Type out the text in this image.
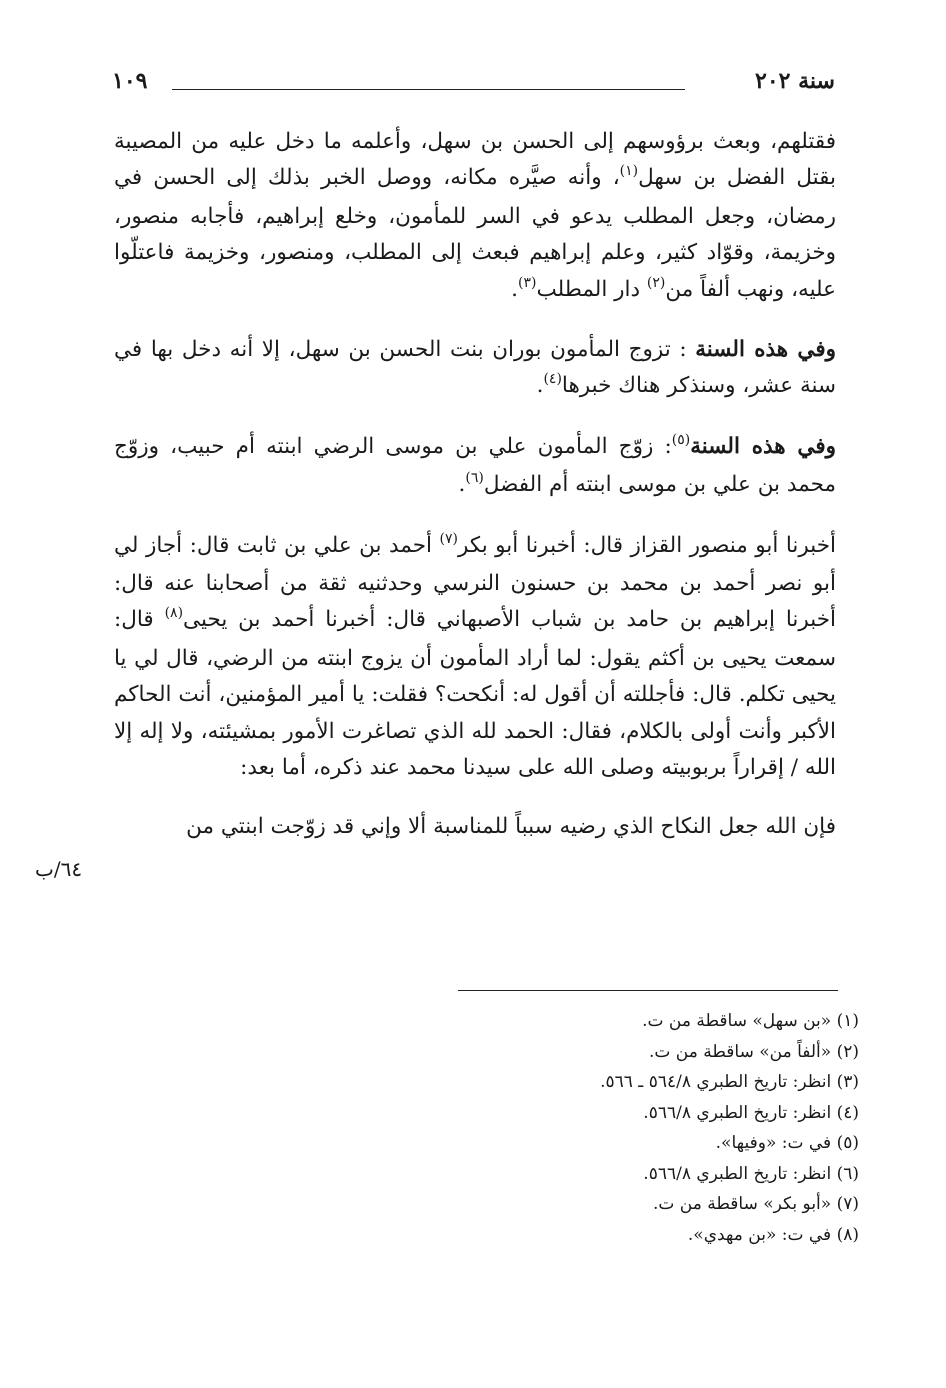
سنة ٢٠٢
١٠٩

فقتلهم، وبعث برؤوسهم إلى الحسن بن سهل، وأعلمه ما دخل عليه من المصيبة بقتل الفضل بن سهل$^{(١)}$، وأنه صيَّره مكانه، ووصل الخبر بذلك إلى الحسن في رمضان، وجعل المطلب يدعو في السر للمأمون، وخلع إبراهيم، فأجابه منصور، وخزيمة، وقوّاد كثير، وعلم إبراهيم فبعث إلى المطلب، ومنصور، وخزيمة فاعتلّوا عليه، ونهب ألفاً من$^{(٢)}$ دار المطلب$^{(٣)}$.

وفي هذه السنة : تزوج المأمون بوران بنت الحسن بن سهل، إلا أنه دخل بها في سنة عشر، وسنذكر هناك خبرها$^{(٤)}$.

وفي هذه السنة$^{(٥)}$: زوّج المأمون علي بن موسى الرضي ابنته أم حبيب، وزوّج محمد بن علي بن موسى ابنته أم الفضل$^{(٦)}$.

أخبرنا أبو منصور القزاز قال: أخبرنا أبو بكر$^{(٧)}$ أحمد بن علي بن ثابت قال: أجاز لي أبو نصر أحمد بن محمد بن حسنون النرسي وحدثنيه ثقة من أصحابنا عنه قال: أخبرنا إبراهيم بن حامد بن شباب الأصبهاني قال: أخبرنا أحمد بن يحيى$^{(٨)}$ قال: سمعت يحيى بن أكثم يقول: لما أراد المأمون أن يزوج ابنته من الرضي، قال لي يا يحيى تكلم. قال: فأجللته أن أقول له: أنكحت؟ فقلت: يا أمير المؤمنين، أنت الحاكم الأكبر وأنت أولى بالكلام، فقال: الحمد لله الذي تصاغرت الأمور بمشيئته، ولا إله إلا الله / إقراراً بربوبيته وصلى الله على سيدنا محمد عند ذكره، أما بعد:

فإن الله جعل النكاح الذي رضيه سبباً للمناسبة ألا وإني قد زوّجت ابنتي من

٦٤/ب

(١) «بن سهل» ساقطة من ت.

(٢) «ألفاً من» ساقطة من ت.

(٣) انظر: تاريخ الطبري ٥٦٤/٨ ـ ٥٦٦.

(٤) انظر: تاريخ الطبري ٥٦٦/٨.

(٥) في ت: «وفيها».

(٦) انظر: تاريخ الطبري ٥٦٦/٨.

(٧) «أبو بكر» ساقطة من ت.

(٨) في ت: «بن مهدي».
